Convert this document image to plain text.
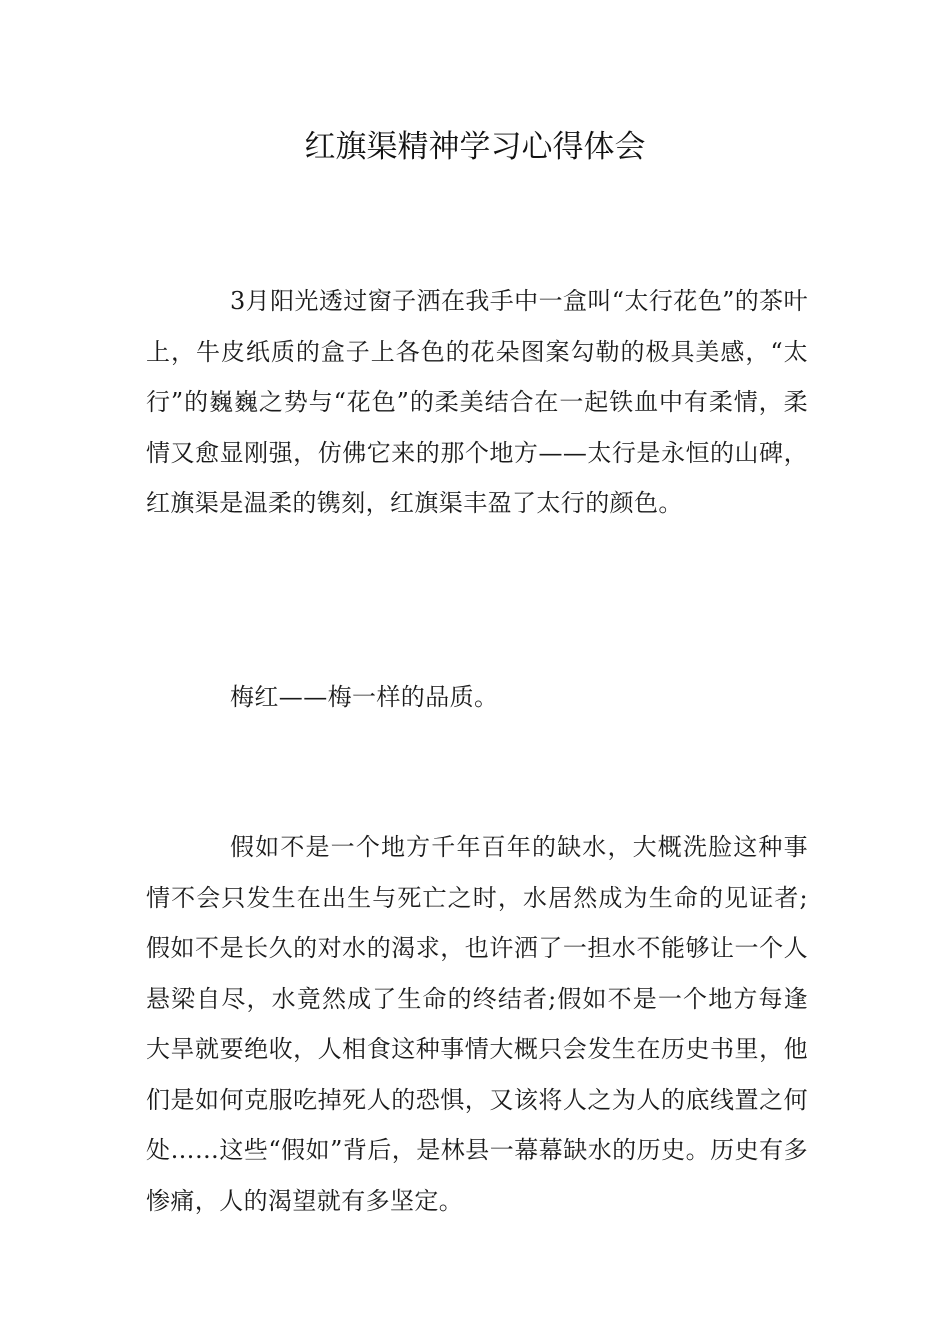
红旗渠精神学习心得体会

3月阳光透过窗子洒在我手中一盒叫“太行花色”的茶叶上，牛皮纸质的盒子上各色的花朵图案勾勒的极具美感，“太行”的巍巍之势与“花色”的柔美结合在一起铁血中有柔情，柔情又愈显刚强，仿佛它来的那个地方——太行是永恒的山碑，红旗渠是温柔的镌刻，红旗渠丰盈了太行的颜色。

梅红——梅一样的品质。

假如不是一个地方千年百年的缺水，大概洗脸这种事情不会只发生在出生与死亡之时，水居然成为生命的见证者;假如不是长久的对水的渴求，也许洒了一担水不能够让一个人悬梁自尽，水竟然成了生命的终结者;假如不是一个地方每逢大旱就要绝收，人相食这种事情大概只会发生在历史书里，他们是如何克服吃掉死人的恐惧，又该将人之为人的底线置之何处……这些“假如”背后，是林县一幕幕缺水的历史。历史有多惨痛，人的渴望就有多坚定。
